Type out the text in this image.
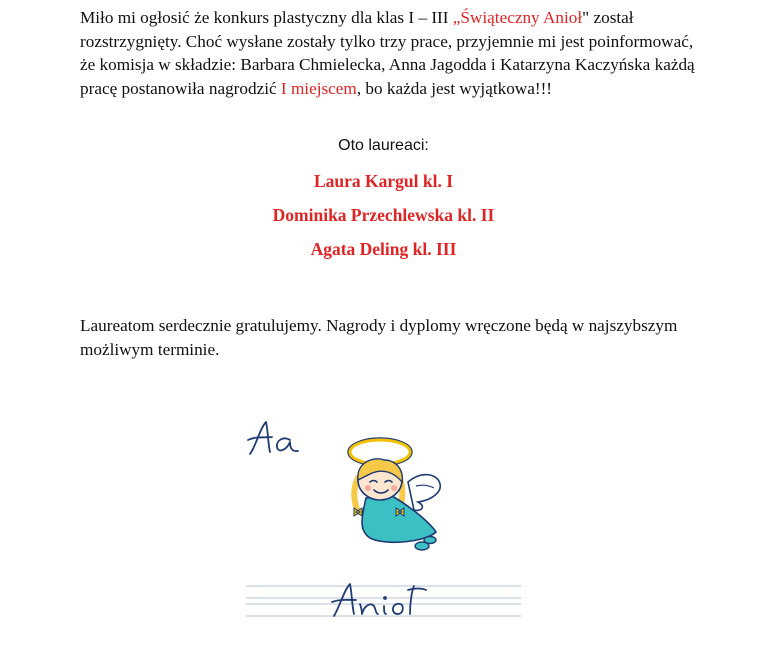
Miło mi ogłosić że konkurs plastyczny dla klas I – III „Świąteczny Anioł" został rozstrzygnięty. Choć wysłane zostały tylko trzy prace, przyjemnie mi jest poinformować, że komisja w składzie: Barbara Chmielecka, Anna Jagodda i Katarzyna Kaczyńska każdą pracę postanowiła nagrodzić I miejscem, bo każda jest wyjątkowa!!!

Oto laureaci:
Laura Kargul kl. I
Dominika Przechlewska kl. II
Agata Deling kl. III

Laureatom serdecznie gratulujemy. Nagrody i dyplomy wręczone będą w najszybszym możliwym terminie.
